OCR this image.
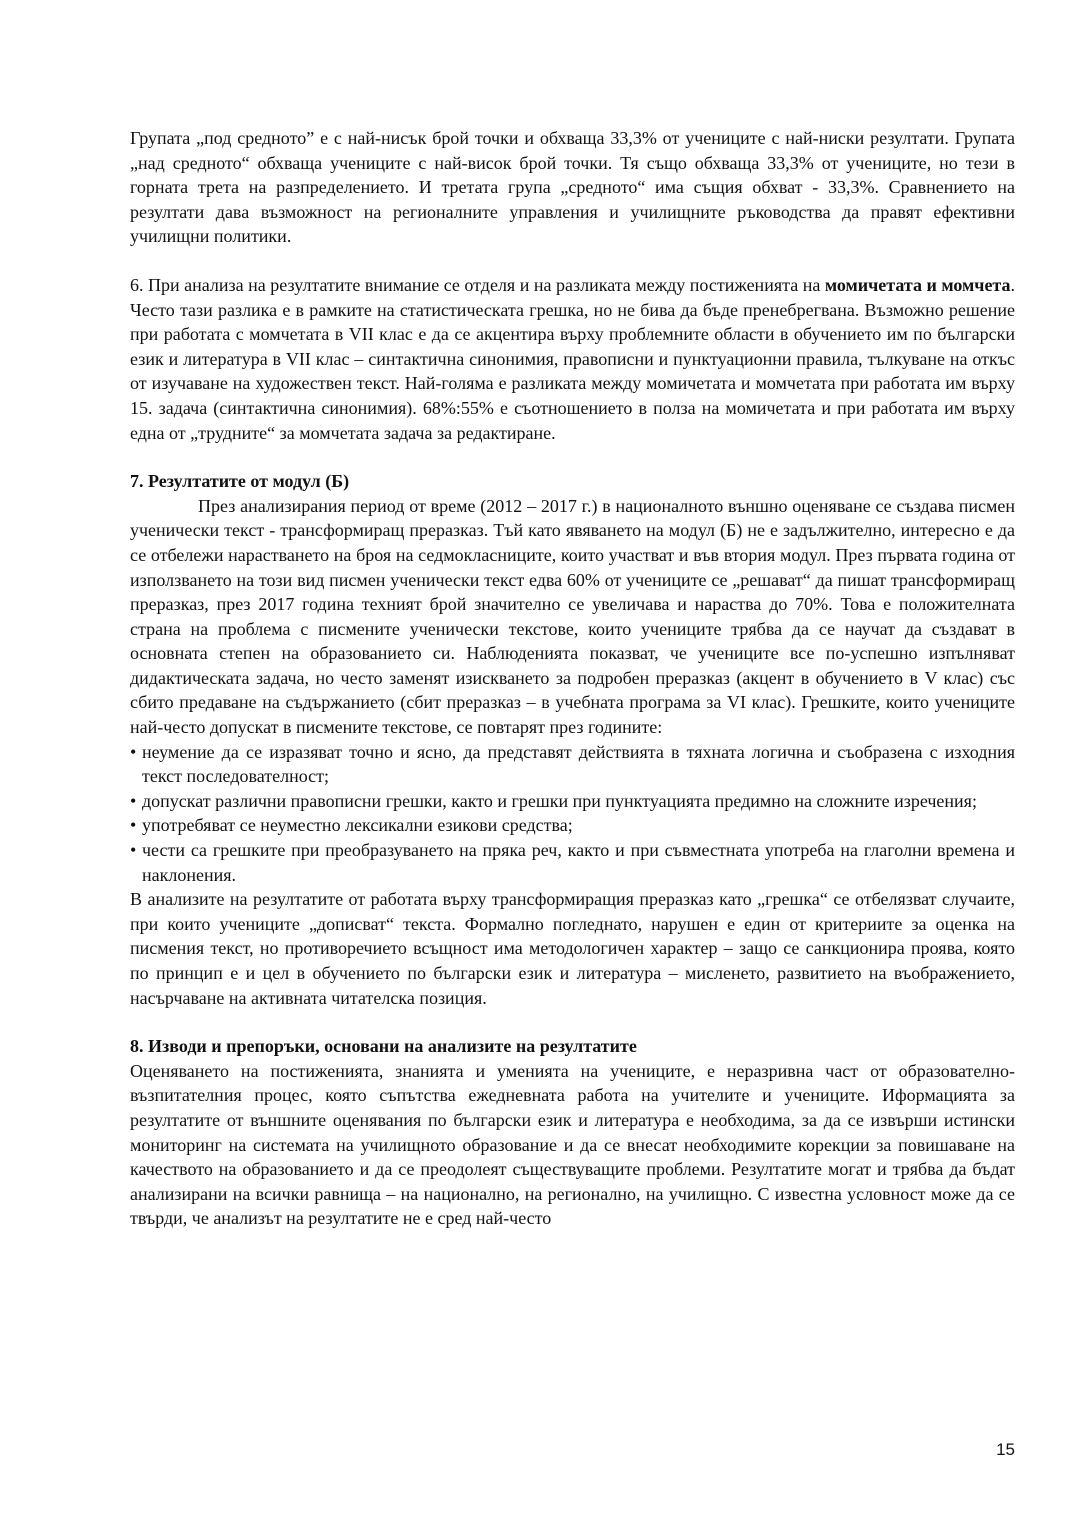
Групата „под средното” е с най-нисък брой точки и обхваща 33,3% от учениците с най-ниски резултати. Групата „над средното“ обхваща учениците с най-висок брой точки. Тя също обхваща 33,3% от учениците, но тези в горната трета на разпределението. И третата група „средното“ има същия обхват - 33,3%. Сравнението на резултати дава възможност на регионалните управления и училищните ръководства да правят ефективни училищни политики.

6. При анализа на резултатите внимание се отделя и на разликата между постиженията на момичетата и момчета. Често тази разлика е в рамките на статистическата грешка, но не бива да бъде пренебрегвана. Възможно решение при работата с момчетата в VII клас е да се акцентира върху проблемните области в обучението им по български език и литература в VII клас – синтактична синонимия, правописни и пунктуационни правила, тълкуване на откъс от изучаване на художествен текст. Най-голяма е разликата между момичетата и момчетата при работата им върху 15. задача (синтактична синонимия). 68%:55% е съотношението в полза на момичетата и при работата им върху една от „трудните“ за момчетата задача за редактиране.

7. Резултатите от модул (Б)

През анализирания период от време (2012 – 2017 г.) в националното външно оценяване се създава писмен ученически текст - трансформиращ преразказ. Тъй като явяването на модул (Б) не е задължително, интересно е да се отбележи нарастването на броя на седмокласниците, които участват и във втория модул. През първата година от използването на този вид писмен ученически текст едва 60% от учениците се „решават“ да пишат трансформиращ преразказ, през 2017 година техният брой значително се увеличава и нараства до 70%. Това е положителната страна на проблема с писмените ученически текстове, които учениците трябва да се научат да създават в основната степен на образованието си. Наблюденията показват, че учениците все по-успешно изпълняват дидактическата задача, но често заменят изискването за подробен преразказ (акцент в обучението в V клас) със сбито предаване на съдържанието (сбит преразказ – в учебната програма за VI клас). Грешките, които учениците най-често допускат в писмените текстове, се повтарят през годините:

• неумение да се изразяват точно и ясно, да представят действията в тяхната логична и съобразена с изходния текст последователност;
• допускат различни правописни грешки, както и грешки при пунктуацията предимно на сложните изречения;
• употребяват се неуместно лексикални езикови средства;
• чести са грешките при преобразуването на пряка реч, както и при съвместната употреба на глаголни времена и наклонения.

В анализите на резултатите от работата върху трансформиращия преразказ като „грешка“ се отбелязват случаите, при които учениците „дописват“ текста. Формално погледнато, нарушен е един от критериите за оценка на писмения текст, но противоречието всъщност има методологичен характер – защо се санкционира проява, която по принцип е и цел в обучението по български език и литература – мисленето, развитието на въображението, насърчаване на активната читателска позиция.

8. Изводи и препоръки, основани на анализите на резултатите

Оценяването на постиженията, знанията и уменията на учениците, е неразривна част от образователно-възпитателния процес, която съпътства ежедневната работа на учителите и учениците. Иформацията за резултатите от външните оценявания по български език и литература е необходима, за да се извърши истински мониторинг на системата на училищното образование и да се внесат необходимите корекции за повишаване на качеството на образованието и да се преодолеят съществуващите проблеми. Резултатите могат и трябва да бъдат анализирани на всички равнища – на национално, на регионално, на училищно. С известна условност може да се твърди, че анализът на резултатите не е сред най-често

15
